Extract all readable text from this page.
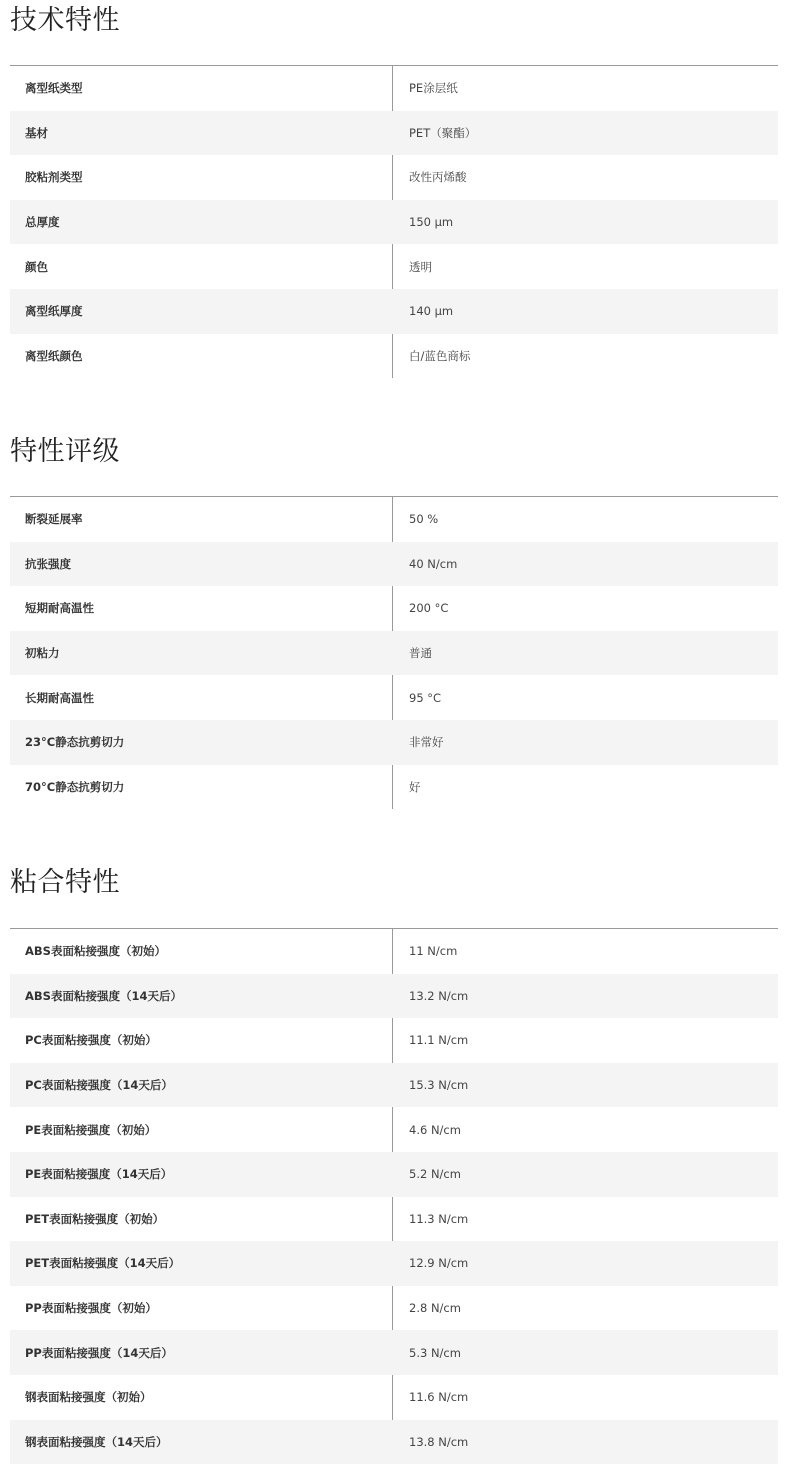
技术特性
离型纸类型	PE涂层纸
基材	PET（聚酯）
胶粘剂类型	改性丙烯酸
总厚度	150 µm
颜色	透明
离型纸厚度	140 µm
离型纸颜色	白/蓝色商标
特性评级
断裂延展率	50 %
抗张强度	40 N/cm
短期耐高温性	200 °C
初粘力	普通
长期耐高温性	95 °C
23°C静态抗剪切力	非常好
70°C静态抗剪切力	好
粘合特性
ABS表面粘接强度（初始）	11 N/cm
ABS表面粘接强度（14天后）	13.2 N/cm
PC表面粘接强度（初始）	11.1 N/cm
PC表面粘接强度（14天后）	15.3 N/cm
PE表面粘接强度（初始）	4.6 N/cm
PE表面粘接强度（14天后）	5.2 N/cm
PET表面粘接强度（初始）	11.3 N/cm
PET表面粘接强度（14天后）	12.9 N/cm
PP表面粘接强度（初始）	2.8 N/cm
PP表面粘接强度（14天后）	5.3 N/cm
钢表面粘接强度（初始）	11.6 N/cm
钢表面粘接强度（14天后）	13.8 N/cm
